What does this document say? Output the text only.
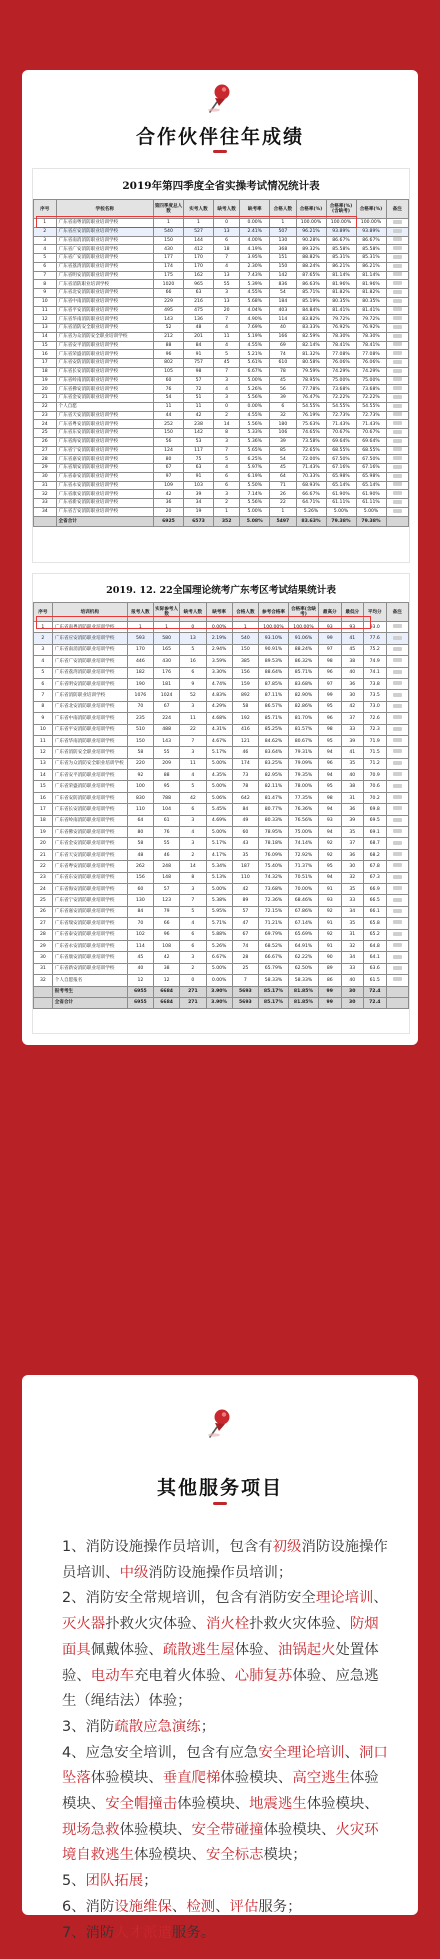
合作伙伴往年成绩
2019年第四季度全省实操考试情况统计表
序号	学校名称	第四季度总人数	实考人数	缺考人数	缺考率	合格人数	合格率(%)	合格率(%)(含缺考)	合格率(%)	备注
1	广东省南粤消防职业培训学校	1	1	0	0.00%	1	100.00%	100.00%	100.00%	
2	广东省应安消防职业培训学校	540	527	13	2.41%	507	96.21%	93.89%	93.89%	
3	广东省南消消防职业培训学校	150	144	6	4.00%	130	90.28%	86.67%	86.67%	
4	广东省广安消防职业培训学校	430	412	18	4.19%	368	89.32%	85.58%	85.58%	
5	广东省广安消防职业培训学校	177	170	7	3.95%	151	88.82%	85.31%	85.31%	
6	广东省荔湾消防职业培训学校	174	170	4	2.30%	150	88.24%	86.21%	86.21%	
7	广东省明安消防职业培训学校	175	162	13	7.43%	142	87.65%	81.14%	81.14%	
8	广东省消防职业培训学校	1020	965	55	5.39%	836	86.63%	81.96%	81.96%	
9	广东省北安消防职业培训学校	66	63	3	4.55%	54	85.71%	81.82%	81.82%	
10	广东省中南消防职业培训学校	229	216	13	5.68%	184	85.19%	80.35%	80.35%	
11	广东省平安消防职业培训学校	495	475	20	4.04%	403	84.84%	81.41%	81.41%	
12	广东省华南消防职业培训学校	143	136	7	4.90%	114	83.82%	79.72%	79.72%	
13	广东省消防安全职业培训学校	52	48	4	7.69%	40	83.33%	76.92%	76.92%	
14	广东省为众消防安全职业培训学校	212	201	11	5.19%	166	82.59%	78.30%	78.30%	
15	广东省安平消防职业培训学校	88	84	4	4.55%	69	82.14%	78.41%	78.41%	
16	广东省荣盛消防职业培训学校	96	91	5	5.21%	74	81.32%	77.08%	77.08%	
17	广东省安防消防职业培训学校	802	757	45	5.61%	610	80.58%	76.06%	76.06%	
18	广东省长安消防职业培训学校	105	98	7	6.67%	78	79.59%	74.29%	74.29%	
19	广东省岭南消防职业培训学校	60	57	3	5.00%	45	78.95%	75.00%	75.00%	
20	广东省佛安消防职业培训学校	76	72	4	5.26%	56	77.78%	73.68%	73.68%	
21	广东省金安消防职业培训学校	54	51	3	5.56%	39	76.47%	72.22%	72.22%	
22	个人自愿	11	11	0	0.00%	6	54.55%	54.55%	54.55%	
23	广东省天安消防职业培训学校	44	42	2	4.55%	32	76.19%	72.73%	72.73%	
24	广东省粤安消防职业培训学校	252	238	14	5.56%	180	75.63%	71.43%	71.43%	
25	广东省东安消防职业培训学校	150	142	8	5.33%	106	74.65%	70.67%	70.67%	
26	广东省海安消防职业培训学校	56	53	3	5.36%	39	73.58%	69.64%	69.64%	
27	广东省宁安消防职业培训学校	124	117	7	5.65%	85	72.65%	68.55%	68.55%	
28	广东省嘉安消防职业培训学校	80	75	5	6.25%	54	72.00%	67.50%	67.50%	
29	广东省瑞安消防职业培训学校	67	63	4	5.97%	45	71.43%	67.16%	67.16%	
30	广东省泰安消防职业培训学校	97	91	6	6.19%	64	70.33%	65.98%	65.98%	
31	广东省永安消防职业培训学校	109	103	6	5.50%	71	68.93%	65.14%	65.14%	
32	广东省康安消防职业培训学校	42	39	3	7.14%	26	66.67%	61.90%	61.90%	
33	广东省新安消防职业培训学校	36	34	2	5.56%	22	64.71%	61.11%	61.11%	
34	广东省吉安消防职业培训学校	20	19	1	5.00%	1	5.26%	5.00%	5.00%	
	全省合计	6925	6573	352	5.08%	5497	83.63%	79.38%	79.38%	
2019. 12. 22全国理论统考广东考区考试结果统计表
序号	培训机构	报考人数	实际参考人数	缺考人数	缺考率	合格人数	参考合格率	合格率(含缺考)	最高分	最低分	平均分	备注
1	广东省南粤消防职业培训学校	1	1	0	0.00%	1	100.00%	100.00%	93	93	93.0	
2	广东省应安消防职业培训学校	593	580	13	2.19%	540	93.10%	91.06%	99	41	77.6	
3	广东省南消消防职业培训学校	170	165	5	2.94%	150	90.91%	88.24%	97	45	75.2	
4	广东省广安消防职业培训学校	446	430	16	3.59%	385	89.53%	86.32%	98	38	74.9	
5	广东省荔湾消防职业培训学校	182	176	6	3.30%	156	88.64%	85.71%	96	40	74.1	
6	广东省明安消防职业培训学校	190	181	9	4.74%	159	87.85%	83.68%	97	36	73.8	
7	广东省消防职业培训学校	1076	1024	52	4.83%	892	87.11%	82.90%	99	30	73.5	
8	广东省北安消防职业培训学校	70	67	3	4.29%	58	86.57%	82.86%	95	42	73.0	
9	广东省中南消防职业培训学校	235	224	11	4.68%	192	85.71%	81.70%	96	37	72.6	
10	广东省平安消防职业培训学校	510	488	22	4.31%	416	85.25%	81.57%	98	33	72.3	
11	广东省华南消防职业培训学校	150	143	7	4.67%	121	84.62%	80.67%	95	39	71.9	
12	广东省消防安全职业培训学校	58	55	3	5.17%	46	83.64%	79.31%	94	41	71.5	
13	广东省为众消防安全职业培训学校	220	209	11	5.00%	174	83.25%	79.09%	96	35	71.2	
14	广东省安平消防职业培训学校	92	88	4	4.35%	73	82.95%	79.35%	94	40	70.9	
15	广东省荣盛消防职业培训学校	100	95	5	5.00%	78	82.11%	78.00%	95	38	70.6	
16	广东省安防消防职业培训学校	830	788	42	5.06%	642	81.47%	77.35%	98	31	70.2	
17	广东省长安消防职业培训学校	110	104	6	5.45%	84	80.77%	76.36%	94	36	69.8	
18	广东省岭南消防职业培训学校	64	61	3	4.69%	49	80.33%	76.56%	93	39	69.5	
19	广东省佛安消防职业培训学校	80	76	4	5.00%	60	78.95%	75.00%	94	35	69.1	
20	广东省金安消防职业培训学校	58	55	3	5.17%	43	78.18%	74.14%	92	37	68.7	
21	广东省天安消防职业培训学校	48	46	2	4.17%	35	76.09%	72.92%	92	36	68.2	
22	广东省粤安消防职业培训学校	262	248	14	5.34%	187	75.40%	71.37%	95	30	67.8	
23	广东省东安消防职业培训学校	156	148	8	5.13%	110	74.32%	70.51%	94	32	67.3	
24	广东省海安消防职业培训学校	60	57	3	5.00%	42	73.68%	70.00%	91	35	66.9	
25	广东省宁安消防职业培训学校	130	123	7	5.38%	89	72.36%	68.46%	93	33	66.5	
26	广东省嘉安消防职业培训学校	84	79	5	5.95%	57	72.15%	67.86%	92	34	66.1	
27	广东省瑞安消防职业培训学校	70	66	4	5.71%	47	71.21%	67.14%	91	35	65.8	
28	广东省泰安消防职业培训学校	102	96	6	5.88%	67	69.79%	65.69%	92	31	65.2	
29	广东省永安消防职业培训学校	114	108	6	5.26%	74	68.52%	64.91%	91	32	64.8	
30	广东省康安消防职业培训学校	45	42	3	6.67%	28	66.67%	62.22%	90	34	64.1	
31	广东省新安消防职业培训学校	40	38	2	5.00%	25	65.79%	62.50%	89	33	63.6	
32	个人自愿报名	12	12	0	0.00%	7	58.33%	58.33%	86	40	61.5	
	报考考生	6955	6684	271	3.90%	5693	85.17%	81.85%	99	30	72.4	
	全省合计	6955	6684	271	3.90%	5693	85.17%	81.85%	99	30	72.4	
其他服务项目

1、消防设施操作员培训，包含有初级消防设施操作员培训、中级消防设施操作员培训；

2、消防安全常规培训，包含有消防安全理论培训、灭火器扑救火灾体验、消火栓扑救火灾体验、防烟面具佩戴体验、疏散逃生屋体验、油锅起火处置体验、电动车充电着火体验、心肺复苏体验、应急逃生（绳结法）体验；

3、消防疏散应急演练；

4、应急安全培训，包含有应急安全理论培训、洞口坠落体验模块、垂直爬梯体验模块、高空逃生体验模块、安全帽撞击体验模块、地震逃生体验模块、现场急救体验模块、安全带碰撞体验模块、火灾环境自救逃生体验模块、安全标志模块；

5、团队拓展；

6、消防设施维保、检测、评估服务；

7、消防人才派遣服务。
